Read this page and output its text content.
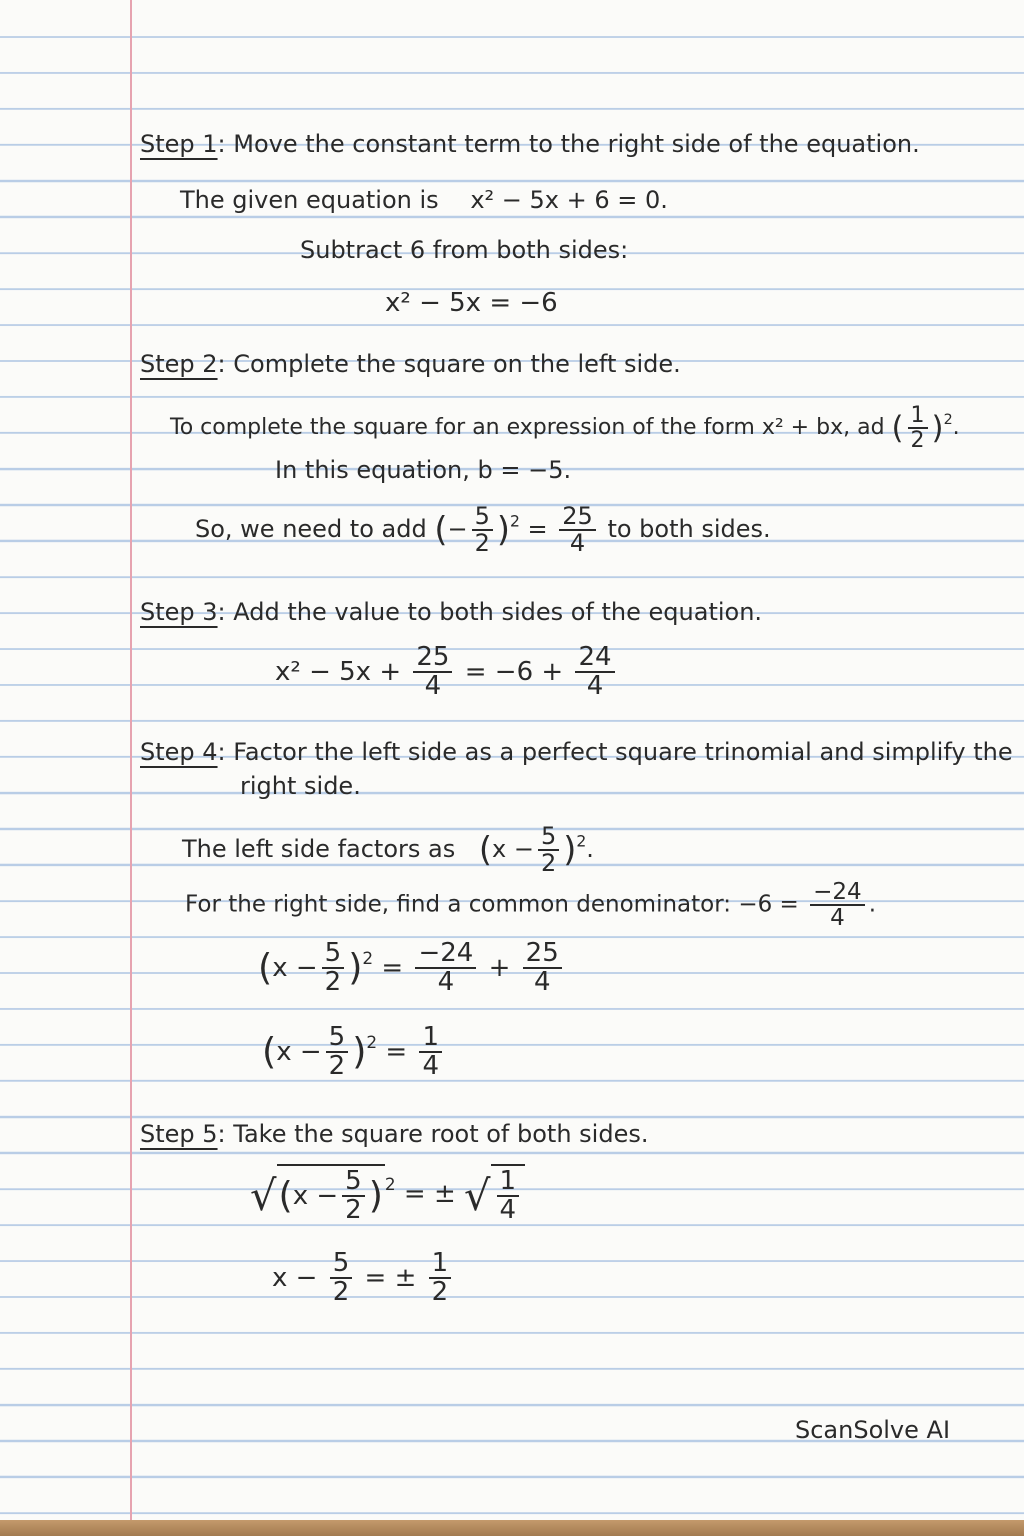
Step 1: Move the constant term to the right side of the equation.
The given equation is x² − 5x + 6 = 0.
Subtract 6 from both sides:
x² − 5x = −6
Step 2: Complete the square on the left side.
To complete the square for an expression of the form x² + bx, ad ( $\frac{1}{2} )^2$.
In this equation, b = −5.
So, we need to add (− $\frac{5}{2} )^2 = \frac{25}{4}$ to both sides.
Step 3: Add the value to both sides of the equation.
$x^2 - 5x + \frac{25}{4} = -6 + \frac{24}{4}$
Step 4: Factor the left side as a perfect square trinomial and simplify the
right side.
The left side factors as $(x - \frac{5}{2} )^2$.
For the right side, find a common denominator: $-6 = \frac{-24}{4}$ .
$(x - \frac{5}{2} )^2 = \frac{-24}{4} + \frac{25}{4}$
$(x - \frac{5}{2} )^2 = \frac{1}{4}$
Step 5: Take the square root of both sides.
$√(x - \frac{5}{2}$ ) $^2$ = ± √ $\frac{1}{4}$
$x - \frac{5}{2}$ = ± $\frac{1}{2}$
ScanSolve AI
